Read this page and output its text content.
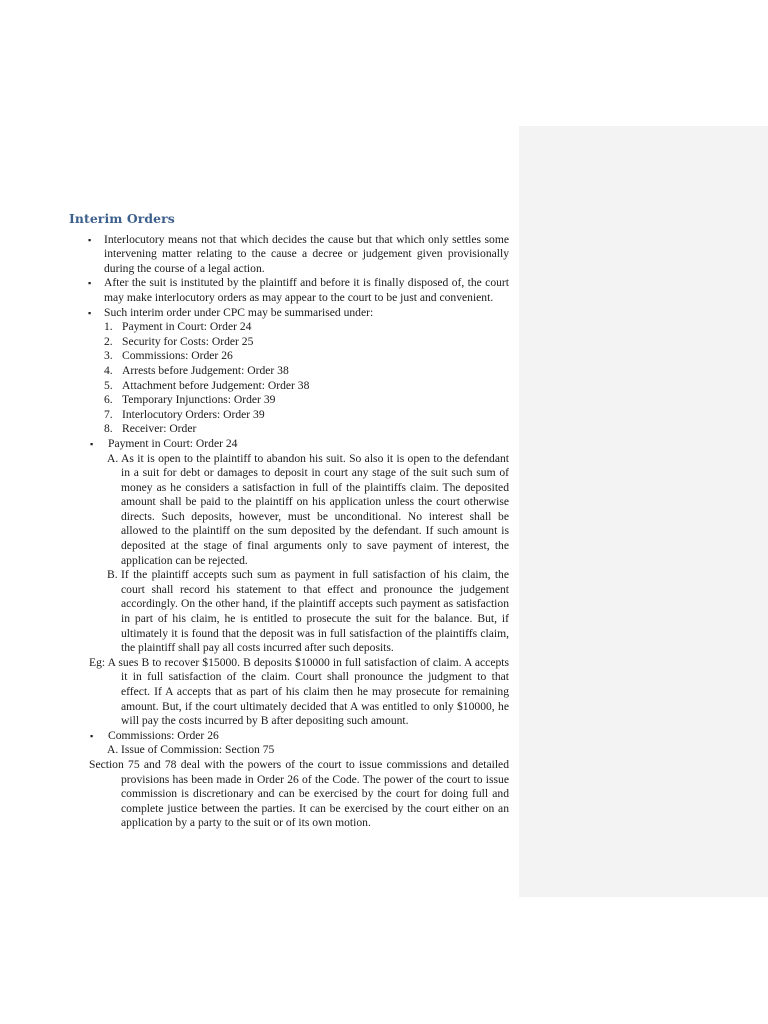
Interim Orders
▪ Interlocutory means not that which decides the cause but that which only settles some intervening matter relating to the cause a decree or judgement given provisionally during the course of a legal action.
▪ After the suit is instituted by the plaintiff and before it is finally disposed of, the court may make interlocutory orders as may appear to the court to be just and convenient.
▪ Such interim order under CPC may be summarised under:
1. Payment in Court: Order 24
2. Security for Costs: Order 25
3. Commissions: Order 26
4. Arrests before Judgement: Order 38
5. Attachment before Judgement: Order 38
6. Temporary Injunctions: Order 39
7. Interlocutory Orders: Order 39
8. Receiver: Order
▪ Payment in Court: Order 24
A. As it is open to the plaintiff to abandon his suit. So also it is open to the defendant in a suit for debt or damages to deposit in court any stage of the suit such sum of money as he considers a satisfaction in full of the plaintiffs claim. The deposited amount shall be paid to the plaintiff on his application unless the court otherwise directs. Such deposits, however, must be unconditional. No interest shall be allowed to the plaintiff on the sum deposited by the defendant. If such amount is deposited at the stage of final arguments only to save payment of interest, the application can be rejected.
B. If the plaintiff accepts such sum as payment in full satisfaction of his claim, the court shall record his statement to that effect and pronounce the judgement accordingly. On the other hand, if the plaintiff accepts such payment as satisfaction in part of his claim, he is entitled to prosecute the suit for the balance. But, if ultimately it is found that the deposit was in full satisfaction of the plaintiffs claim, the plaintiff shall pay all costs incurred after such deposits.
Eg: A sues B to recover $15000. B deposits $10000 in full satisfaction of claim. A accepts it in full satisfaction of the claim. Court shall pronounce the judgment to that effect. If A accepts that as part of his claim then he may prosecute for remaining amount. But, if the court ultimately decided that A was entitled to only $10000, he will pay the costs incurred by B after depositing such amount.
▪ Commissions: Order 26
A. Issue of Commission: Section 75
Section 75 and 78 deal with the powers of the court to issue commissions and detailed provisions has been made in Order 26 of the Code. The power of the court to issue commission is discretionary and can be exercised by the court for doing full and complete justice between the parties. It can be exercised by the court either on an application by a party to the suit or of its own motion.
